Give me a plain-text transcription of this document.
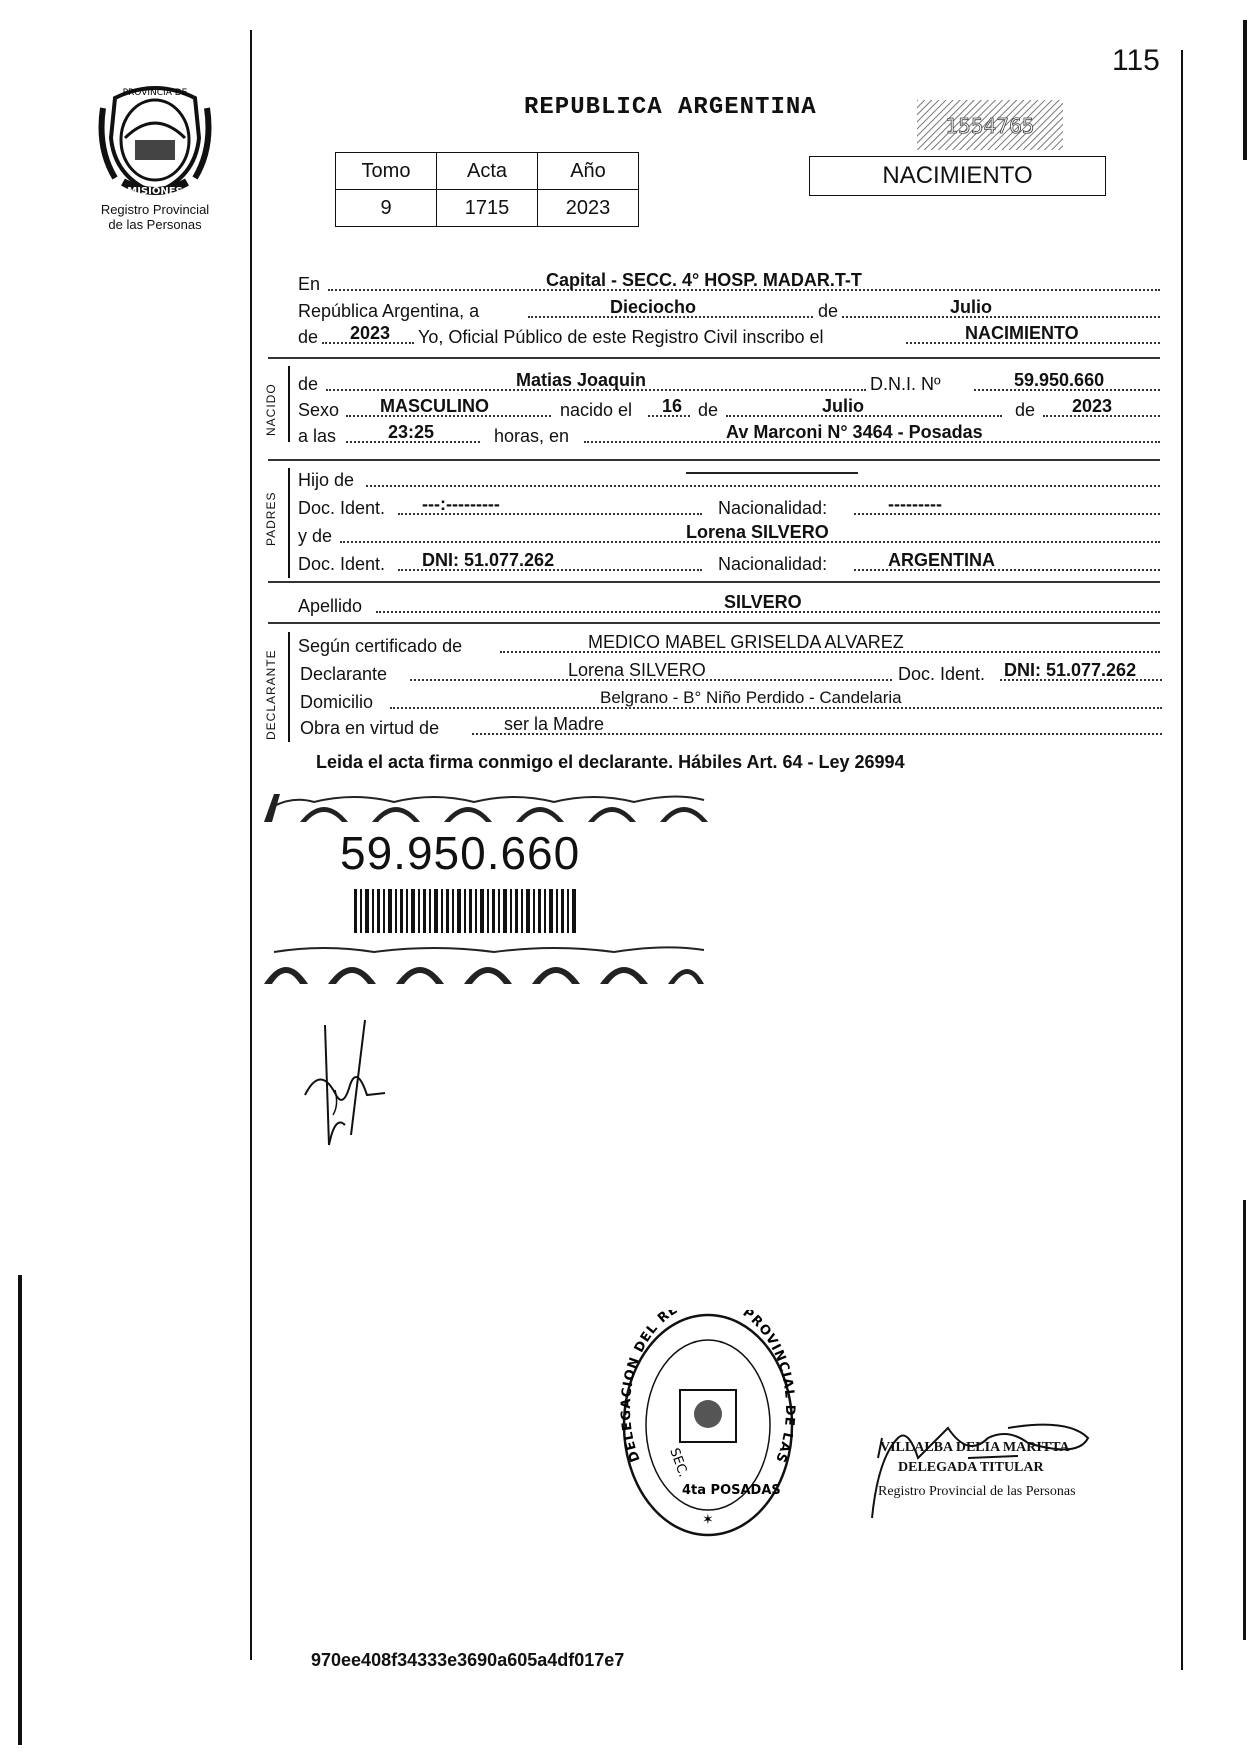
115
PROVINCIA DE
MISIONES
Registro Provincial
de las Personas
REPUBLICA ARGENTINA
1554765
NACIMIENTO
Tomo	Acta	Año
9	1715	2023
En	Capital - SECC. 4° HOSP. MADAR.T-T
República Argentina, a	Dieciocho	de	Julio
de 2023 Yo, Oficial Público de este Registro Civil inscribo el	NACIMIENTO
NACIDO de	Matias Joaquin	D.N.I. Nº	59.950.660
Sexo MASCULINO	nacido el 16 de	Julio	de 2023
a las	23:25	horas, en	Av Marconi N° 3464 - Posadas
PADRES
Hijo de
Doc. Ident. ---:---------	Nacionalidad:	---------
y de	Lorena SILVERO
Doc. Ident. DNI: 51.077.262	Nacionalidad:	ARGENTINA
Apellido	SILVERO
DECLARANTE
Según certificado de	MEDICO MABEL GRISELDA ALVAREZ
Declarante	Lorena SILVERO	Doc. Ident. DNI: 51.077.262
Domicilio	Belgrano - B° Niño Perdido - Candelaria
Obra en virtud de	ser la Madre
Leida el acta firma conmigo el declarante. Hábiles Art. 64 - Ley 26994
59.950.660
DELEGACION DEL RE PROVINCIAL DE LAS
SEC.
4ta POSADAS
✶
VILLALBA DELIA MARITTA
DELEGADA TITULAR
Registro Provincial de las Personas
970ee408f34333e3690a605a4df017e7
